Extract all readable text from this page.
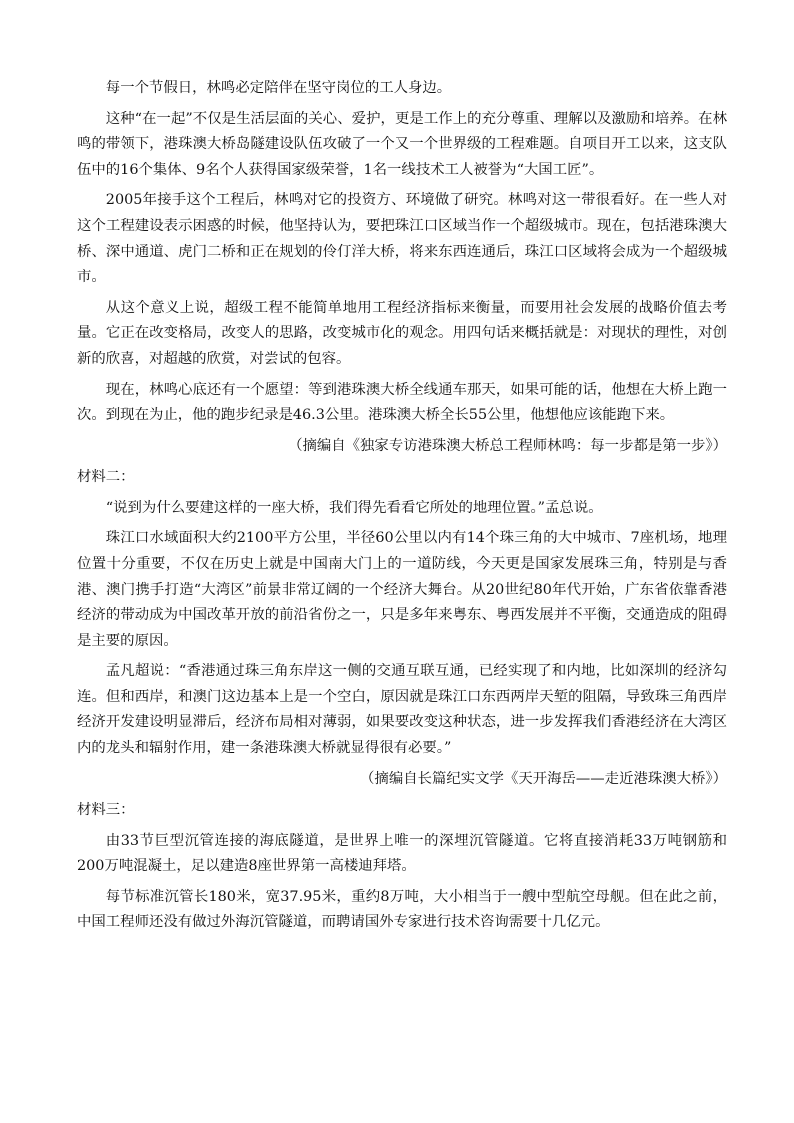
每一个节假日，林鸣必定陪伴在坚守岗位的工人身边。

这种“在一起”不仅是生活层面的关心、爱护，更是工作上的充分尊重、理解以及激励和培养。在林鸣的带领下，港珠澳大桥岛隧建设队伍攻破了一个又一个世界级的工程难题。自项目开工以来，这支队伍中的16个集体、9名个人获得国家级荣誉，1名一线技术工人被誉为“大国工匠”。

2005年接手这个工程后，林鸣对它的投资方、环境做了研究。林鸣对这一带很看好。在一些人对这个工程建设表示困惑的时候，他坚持认为，要把珠江口区域当作一个超级城市。现在，包括港珠澳大桥、深中通道、虎门二桥和正在规划的伶仃洋大桥，将来东西连通后，珠江口区域将会成为一个超级城市。

从这个意义上说，超级工程不能简单地用工程经济指标来衡量，而要用社会发展的战略价值去考量。它正在改变格局，改变人的思路，改变城市化的观念。用四句话来概括就是：对现状的理性，对创新的欣喜，对超越的欣赏，对尝试的包容。

现在，林鸣心底还有一个愿望：等到港珠澳大桥全线通车那天，如果可能的话，他想在大桥上跑一次。到现在为止，他的跑步纪录是46.3公里。港珠澳大桥全长55公里，他想他应该能跑下来。

（摘编自《独家专访港珠澳大桥总工程师林鸣：每一步都是第一步》）

材料二：

“说到为什么要建这样的一座大桥，我们得先看看它所处的地理位置。”孟总说。

珠江口水域面积大约2100平方公里，半径60公里以内有14个珠三角的大中城市、7座机场，地理位置十分重要，不仅在历史上就是中国南大门上的一道防线，今天更是国家发展珠三角，特别是与香港、澳门携手打造“大湾区”前景非常辽阔的一个经济大舞台。从20世纪80年代开始，广东省依靠香港经济的带动成为中国改革开放的前沿省份之一，只是多年来粤东、粤西发展并不平衡，交通造成的阻碍是主要的原因。

孟凡超说：“香港通过珠三角东岸这一侧的交通互联互通，已经实现了和内地，比如深圳的经济勾连。但和西岸，和澳门这边基本上是一个空白，原因就是珠江口东西两岸天堑的阻隔，导致珠三角西岸经济开发建设明显滞后，经济布局相对薄弱，如果要改变这种状态，进一步发挥我们香港经济在大湾区内的龙头和辐射作用，建一条港珠澳大桥就显得很有必要。”

（摘编自长篇纪实文学《天开海岳——走近港珠澳大桥》）

材料三：

由33节巨型沉管连接的海底隧道，是世界上唯一的深埋沉管隧道。它将直接消耗33万吨钢筋和200万吨混凝土，足以建造8座世界第一高楼迪拜塔。

每节标准沉管长180米，宽37.95米，重约8万吨，大小相当于一艘中型航空母舰。但在此之前，中国工程师还没有做过外海沉管隧道，而聘请国外专家进行技术咨询需要十几亿元。
